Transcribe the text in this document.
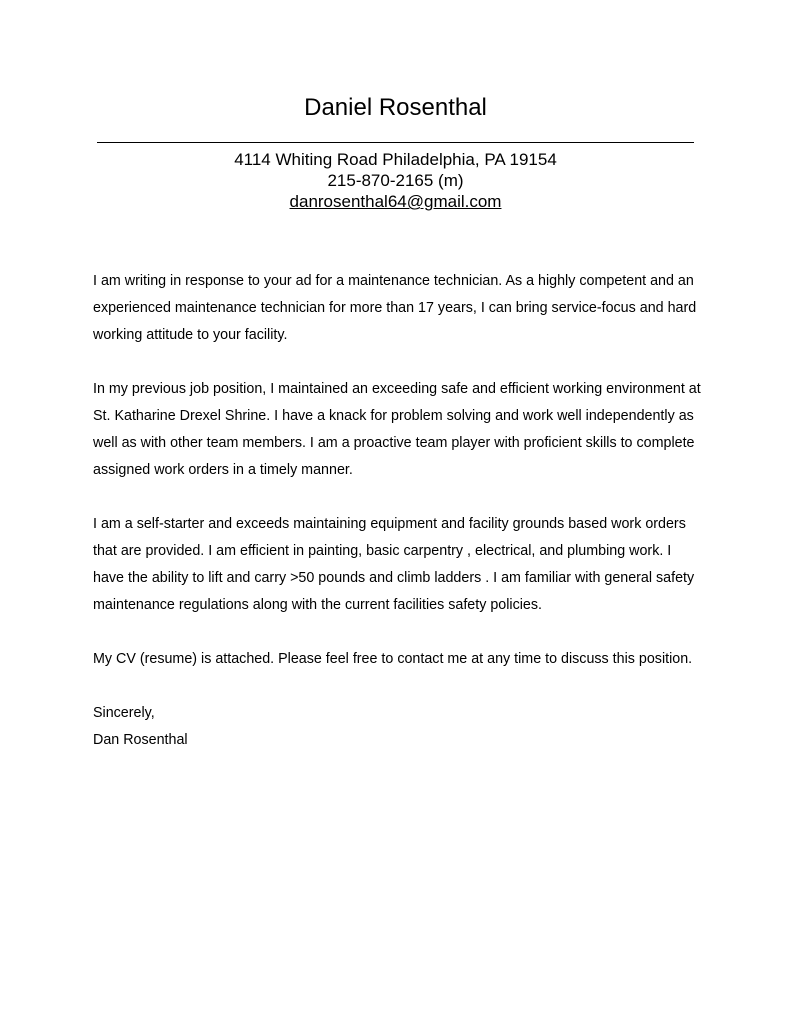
Daniel Rosenthal
4114 Whiting Road Philadelphia, PA 19154
215-870-2165 (m)
danrosenthal64@gmail.com

I am writing in response to your ad for a maintenance technician. As a highly competent and an experienced maintenance technician for more than 17 years, I can bring service-focus and hard working attitude to your facility.

In my previous job position, I maintained an exceeding safe and efficient working environment at St. Katharine Drexel Shrine. I have a knack for problem solving and work well independently as well as with other team members. I am a proactive team player with proficient skills to complete assigned work orders in a timely manner.

I am a self-starter and exceeds maintaining equipment and facility grounds based work orders that are provided. I am efficient in painting, basic carpentry , electrical, and plumbing work. I have the ability to lift and carry >50 pounds and climb ladders . I am familiar with general safety maintenance regulations along with the current facilities safety policies.

My CV (resume) is attached. Please feel free to contact me at any time to discuss this position.

Sincerely,

Dan Rosenthal
